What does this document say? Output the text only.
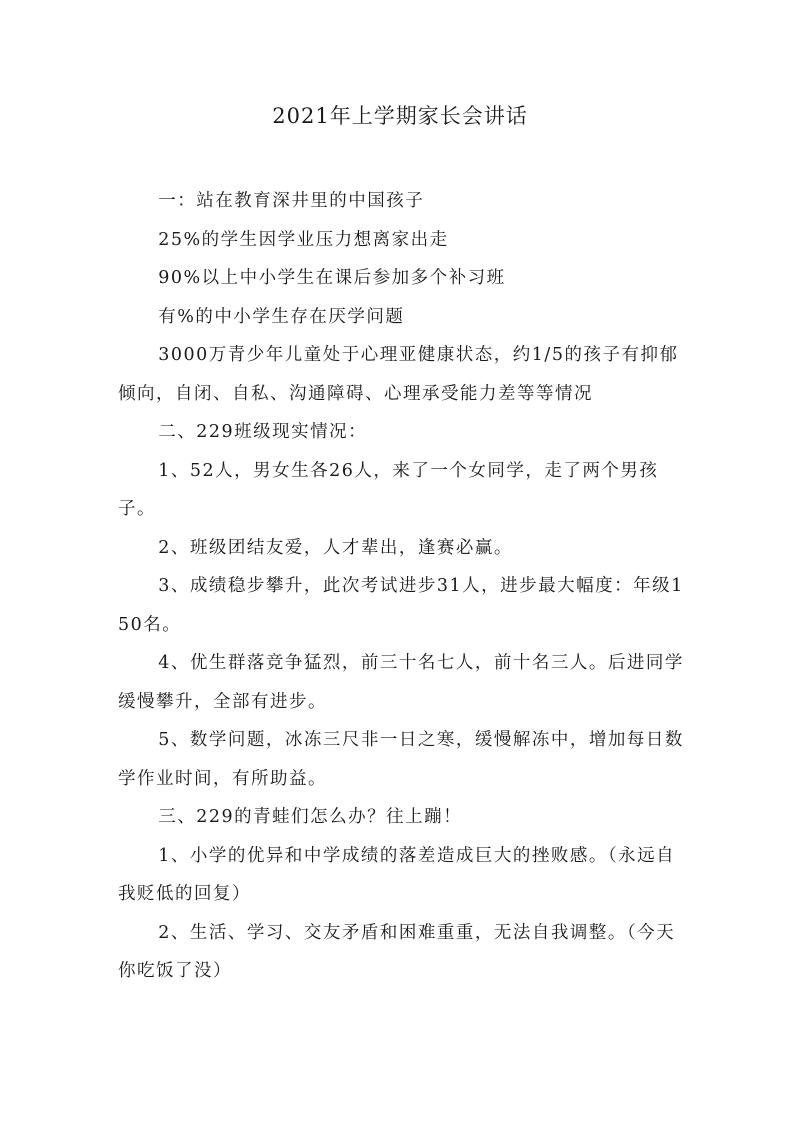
2021年上学期家长会讲话

一：站在教育深井里的中国孩子

25%的学生因学业压力想离家出走

90%以上中小学生在课后参加多个补习班

有%的中小学生存在厌学问题

3000万青少年儿童处于心理亚健康状态，约1/5的孩子有抑郁倾向，自闭、自私、沟通障碍、心理承受能力差等等情况

二、229班级现实情况：

1、52人，男女生各26人，来了一个女同学，走了两个男孩子。

2、班级团结友爱，人才辈出，逢赛必赢。

3、成绩稳步攀升，此次考试进步31人，进步最大幅度：年级150名。

4、优生群落竞争猛烈，前三十名七人，前十名三人。后进同学缓慢攀升，全部有进步。

5、数学问题，冰冻三尺非一日之寒，缓慢解冻中，增加每日数学作业时间，有所助益。

三、229的青蛙们怎么办？往上蹦！

1、小学的优异和中学成绩的落差造成巨大的挫败感。（永远自我贬低的回复）

2、生活、学习、交友矛盾和困难重重，无法自我调整。（今天你吃饭了没）
